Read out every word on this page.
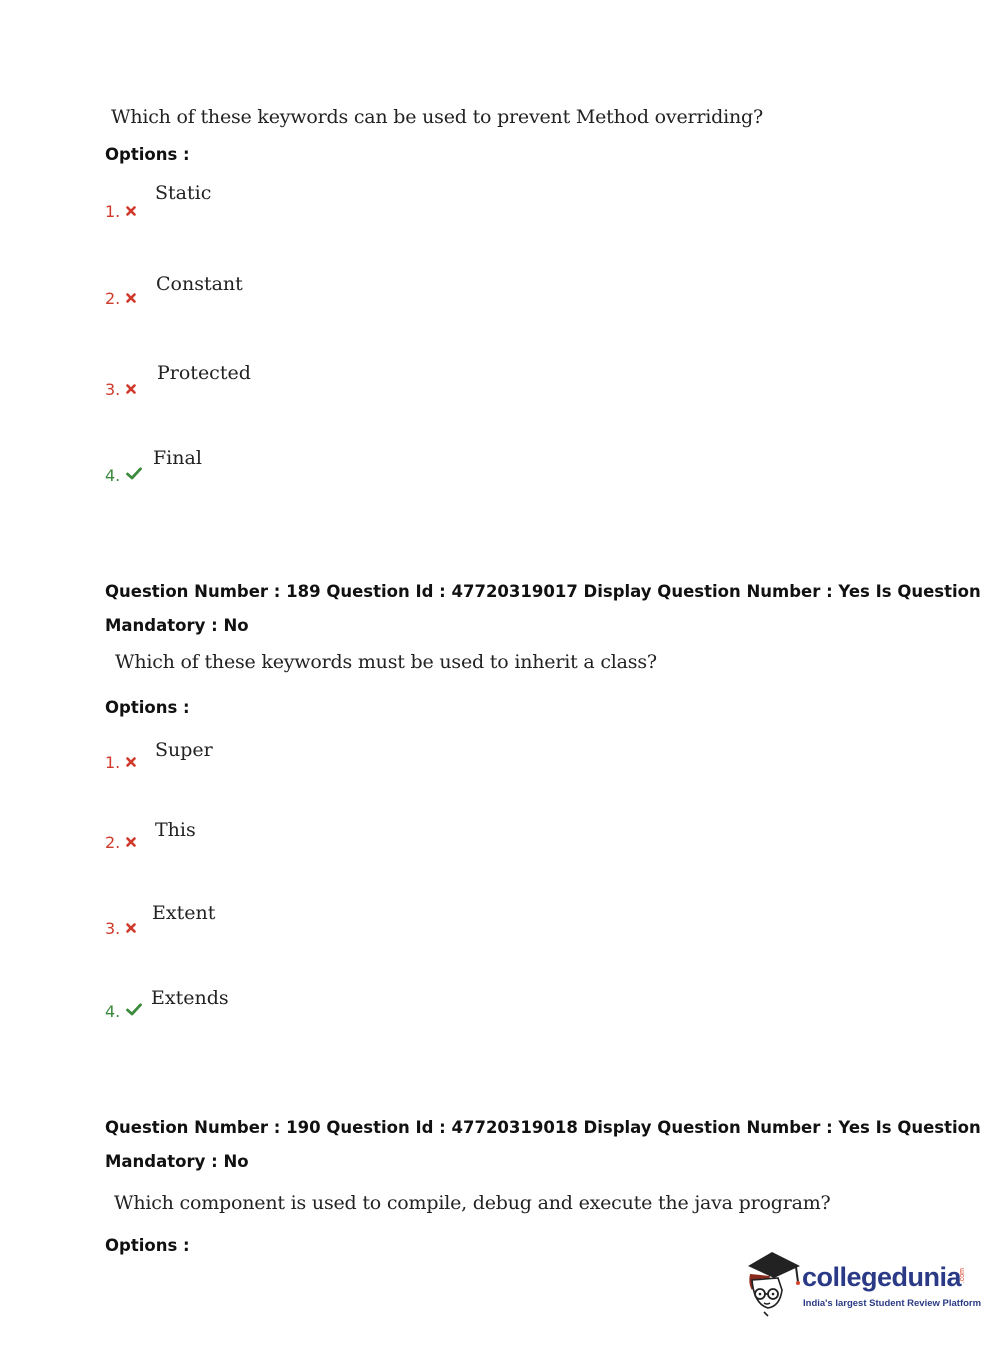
Which of these keywords can be used to prevent Method overriding?
Options :
1.
Static
2.
Constant
3.
Protected
4.
Final
Question Number : 189 Question Id : 47720319017 Display Question Number : Yes Is Question
Mandatory : No
Which of these keywords must be used to inherit a class?
Options :
1.
Super
2.
This
3.
Extent
4.
Extends
Question Number : 190 Question Id : 47720319018 Display Question Number : Yes Is Question
Mandatory : No
Which component is used to compile, debug and execute the java program?
Options :
collegedunia
.com
India's largest Student Review Platform
